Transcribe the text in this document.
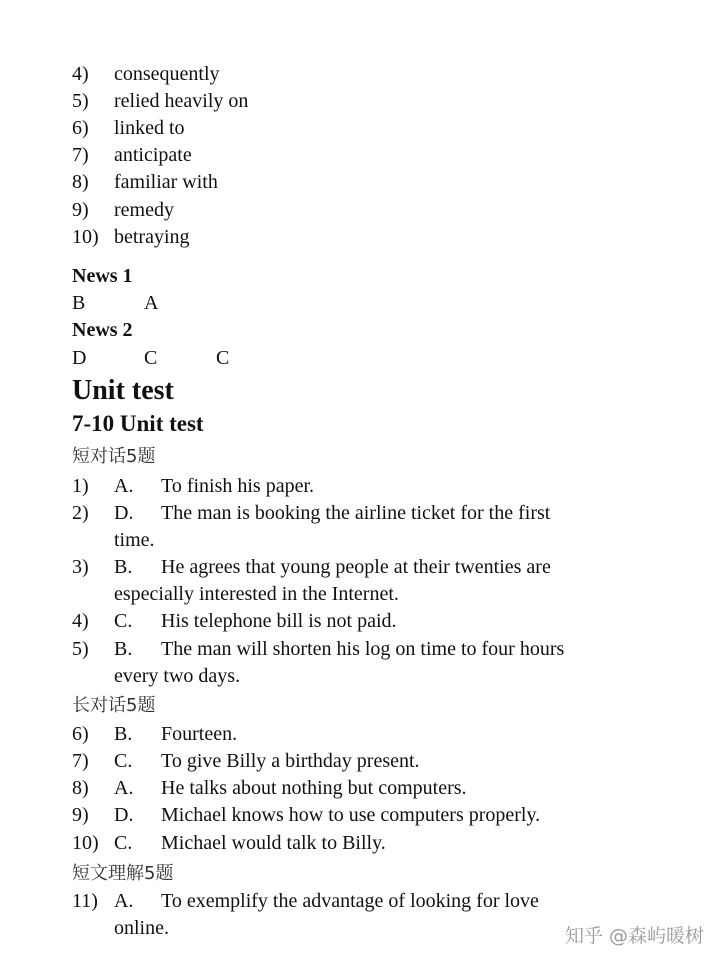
4) consequently
5) relied heavily on
6) linked to
7) anticipate
8) familiar with
9) remedy
10) betraying
News 1
B	A
News 2
D	C	C
Unit test
7-10 Unit test
短对话5题
1) A. To finish his paper.
2) D. The man is booking the airline ticket for the first
time.
3) B. He agrees that young people at their twenties are
especially interested in the Internet.
4) C. His telephone bill is not paid.
5) B. The man will shorten his log on time to four hours
every two days.
长对话5题
6) B. Fourteen.
7) C. To give Billy a birthday present.
8) A. He talks about nothing but computers.
9) D. Michael knows how to use computers properly.
10) C. Michael would talk to Billy.
短文理解5题
11) A. To exemplify the advantage of looking for love
online.	知乎 @森屿暖树
